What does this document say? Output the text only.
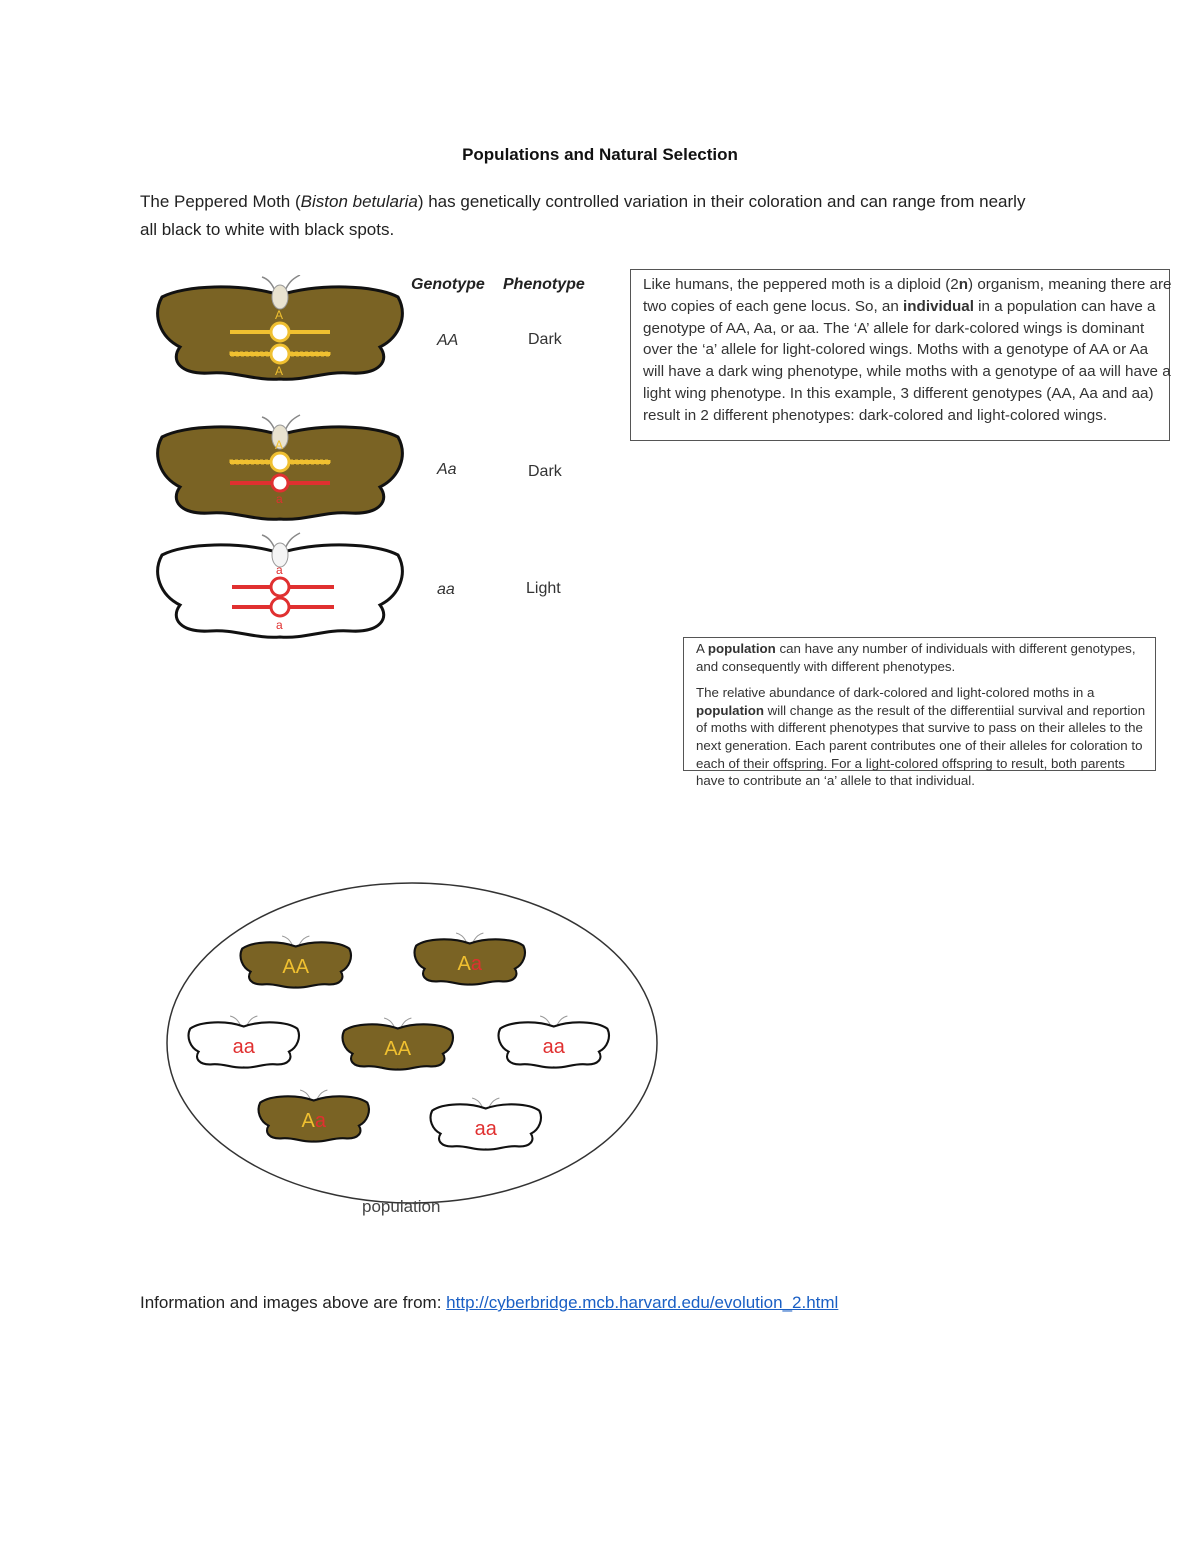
Populations and Natural Selection
The Peppered Moth (Biston betularia) has genetically controlled variation in their coloration and can range from nearly all black to white with black spots.
Genotype Phenotype
AA	Dark
Aa	Dark
aa	Light
A
A
A
a
a
a
Like humans, the peppered moth is a diploid (2n) organism, meaning there are two copies of each gene locus. So, an individual in a population can have a genotype of AA, Aa, or aa. The ‘A’ allele for dark-colored wings is dominant over the ‘a’ allele for light-colored wings. Moths with a genotype of AA or Aa will have a dark wing phenotype, while moths with a genotype of aa will have a light wing phenotype. In this example, 3 different genotypes (AA, Aa and aa) result in 2 different phenotypes: dark-colored and light-colored wings.

A population can have any number of individuals with different genotypes, and consequently with different phenotypes.

The relative abundance of dark-colored and light-colored moths in a population will change as the result of the differentiial survival and reportion of moths with different phenotypes that survive to pass on their alleles to the next generation. Each parent contributes one of their alleles for coloration to each of their offspring. For a light-colored offspring to result, both parents have to contribute an ‘a’ allele to that individual.

AA	Aa
aa	AA	aa
Aa	aa
population
Information and images above are from: http://cyberbridge.mcb.harvard.edu/evolution_2.html
